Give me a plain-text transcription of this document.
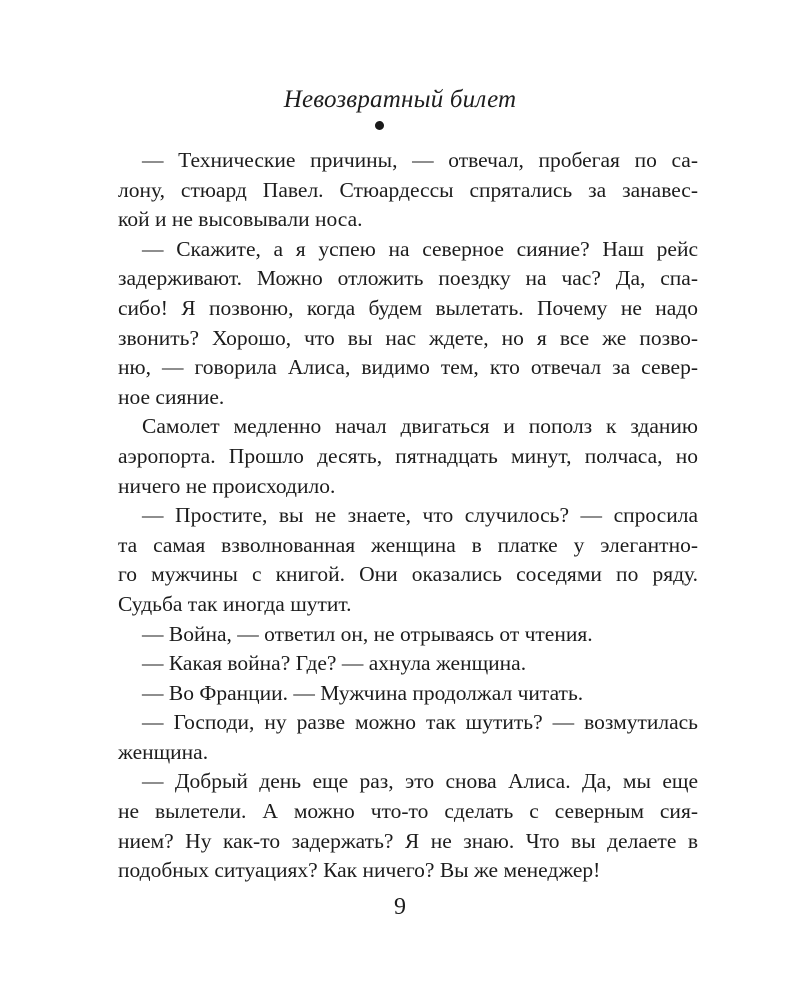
Невозвратный билет
— Технические причины, — отвечал, пробегая по са-
лону, стюард Павел. Стюардессы спрятались за занавес-
кой и не высовывали носа.
— Скажите, а я успею на северное сияние? Наш рейс
задерживают. Можно отложить поездку на час? Да, спа-
сибо! Я позвоню, когда будем вылетать. Почему не надо
звонить? Хорошо, что вы нас ждете, но я все же позво-
ню, — говорила Алиса, видимо тем, кто отвечал за север-
ное сияние.
Самолет медленно начал двигаться и пополз к зданию
аэропорта. Прошло десять, пятнадцать минут, полчаса, но
ничего не происходило.
— Простите, вы не знаете, что случилось? — спросила
та самая взволнованная женщина в платке у элегантно-
го мужчины с книгой. Они оказались соседями по ряду.
Судьба так иногда шутит.
— Война, — ответил он, не отрываясь от чтения.
— Какая война? Где? — ахнула женщина.
— Во Франции. — Мужчина продолжал читать.
— Господи, ну разве можно так шутить? — возмутилась
женщина.
— Добрый день еще раз, это снова Алиса. Да, мы еще
не вылетели. А можно что-то сделать с северным сия-
нием? Ну как-то задержать? Я не знаю. Что вы делаете в
подобных ситуациях? Как ничего? Вы же менеджер!
9
